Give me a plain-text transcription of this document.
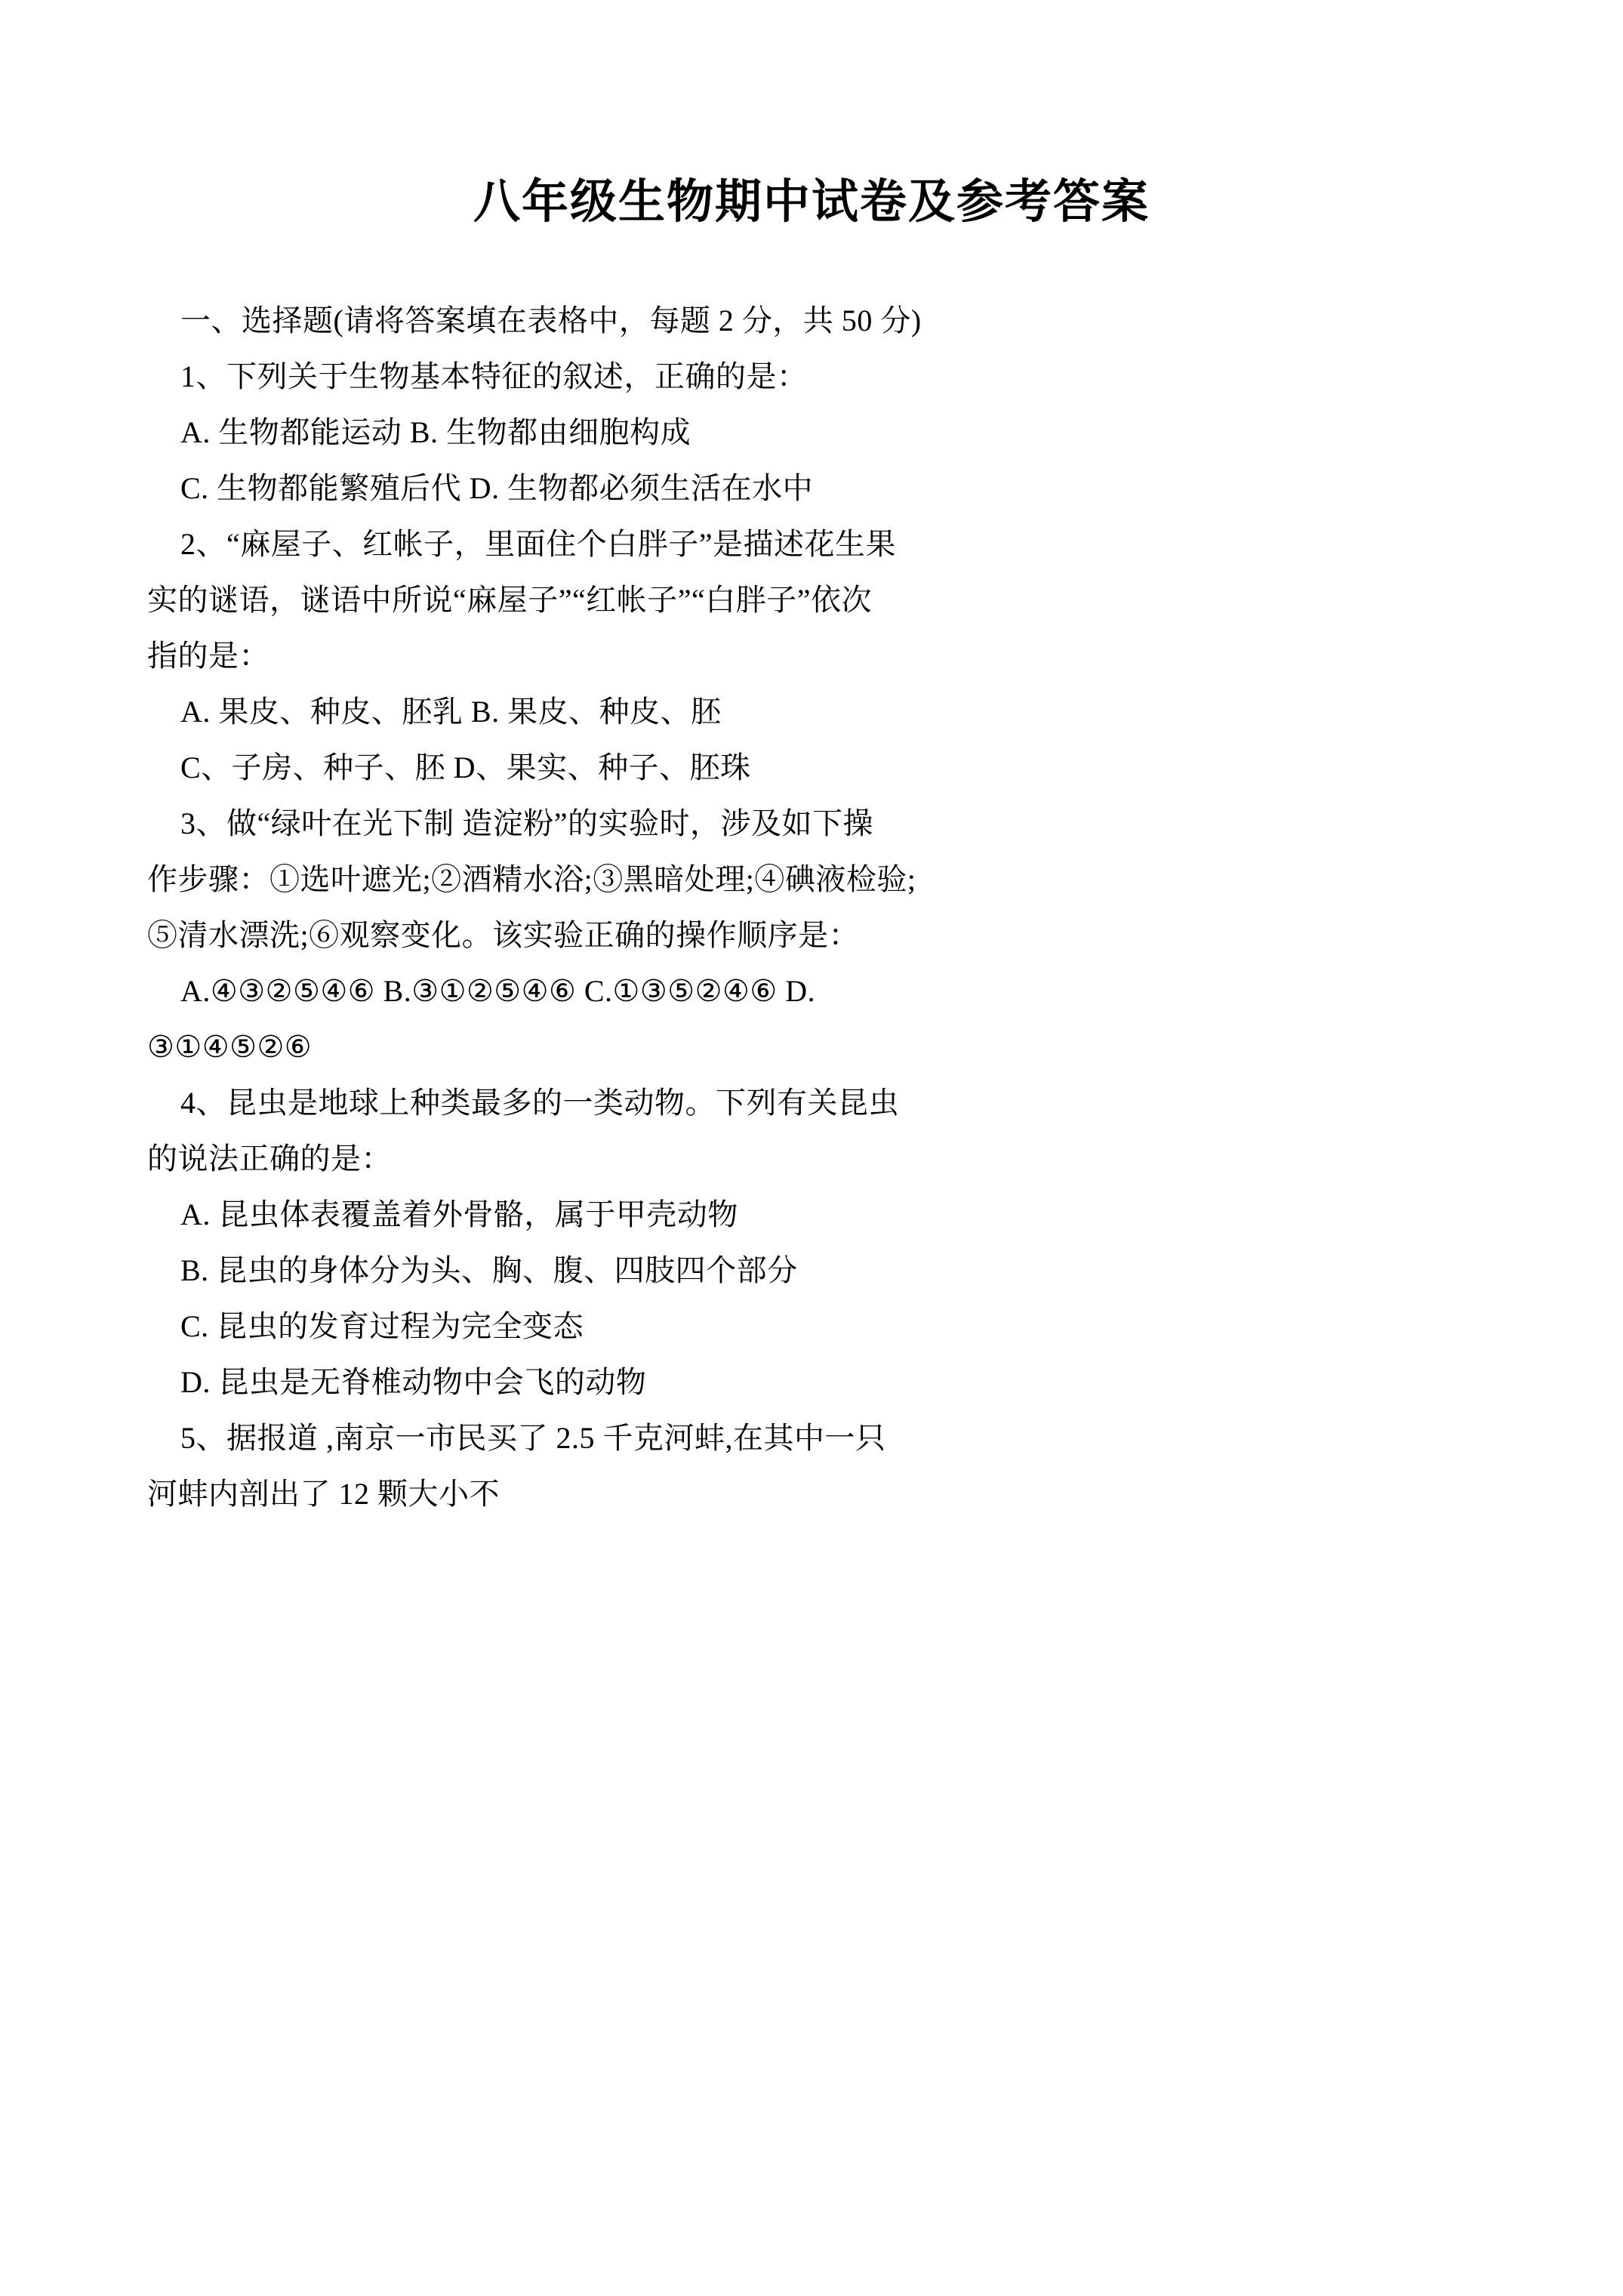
八年级生物期中试卷及参考答案

一、选择题(请将答案填在表格中，每题 2 分，共 50 分)

1、下列关于生物基本特征的叙述，正确的是：

A. 生物都能运动 B. 生物都由细胞构成

C. 生物都能繁殖后代 D. 生物都必须生活在水中

2、“麻屋子、红帐子，里面住个白胖子”是描述花生果

实的谜语，谜语中所说“麻屋子”“红帐子”“白胖子”依次

指的是：

A. 果皮、种皮、胚乳 B. 果皮、种皮、胚

C、子房、种子、胚 D、果实、种子、胚珠

3、做“绿叶在光下制 造淀粉”的实验时，涉及如下操

作步骤：①选叶遮光;②酒精水浴;③黑暗处理;④碘液检验;

⑤清水漂洗;⑥观察变化。该实验正确的操作顺序是：

A.④③②⑤④⑥ B.③①②⑤④⑥ C.①③⑤②④⑥ D.

③①④⑤②⑥

4、昆虫是地球上种类最多的一类动物。下列有关昆虫

的说法正确的是：

A. 昆虫体表覆盖着外骨骼，属于甲壳动物

B. 昆虫的身体分为头、胸、腹、四肢四个部分

C. 昆虫的发育过程为完全变态

D. 昆虫是无脊椎动物中会飞的动物

5、据报道 ,南京一市民买了 2.5 千克河蚌,在其中一只

河蚌内剖出了 12 颗大小不
